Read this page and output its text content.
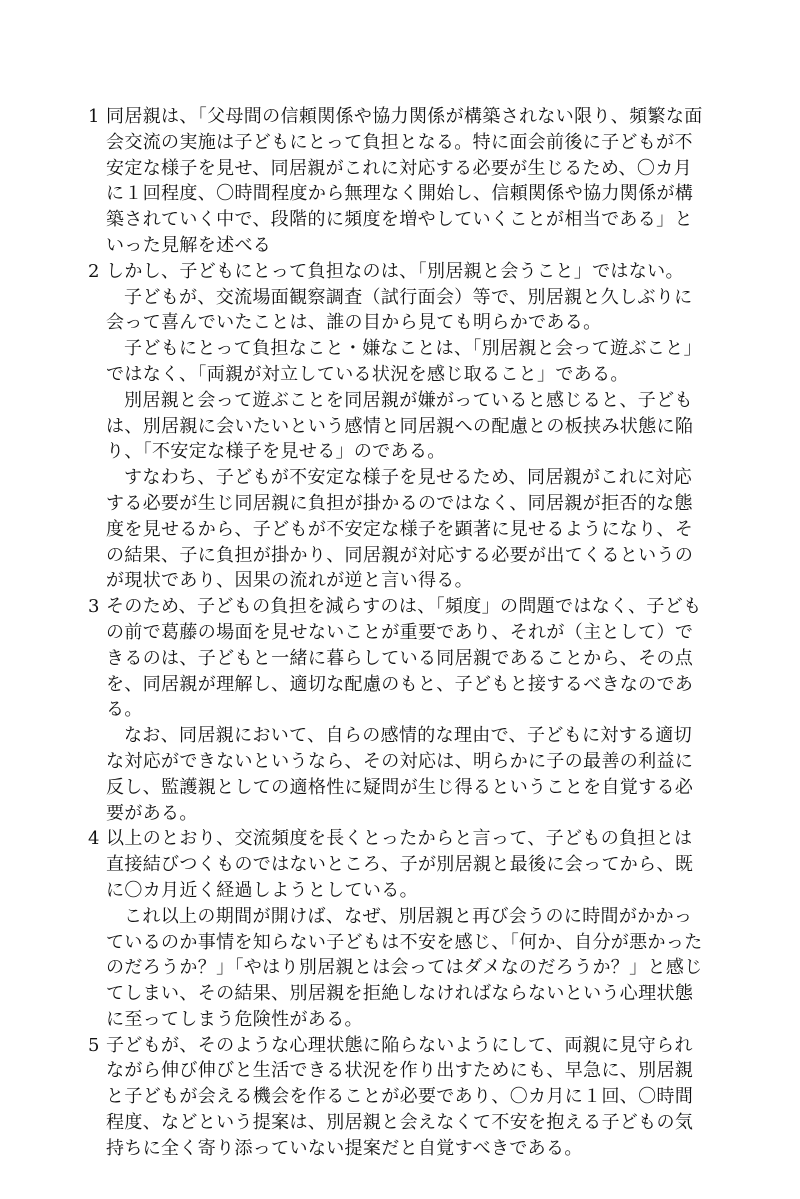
1 同居親は、「父母間の信頼関係や協力関係が構築されない限り、頻繁な面会交流の実施は子どもにとって負担となる。特に面会前後に子どもが不安定な様子を見せ、同居親がこれに対応する必要が生じるため、〇カ月に１回程度、〇時間程度から無理なく開始し、信頼関係や協力関係が構築されていく中で、段階的に頻度を増やしていくことが相当である」といった見解を述べる

2 しかし、子どもにとって負担なのは、「別居親と会うこと」ではない。

子どもが、交流場面観察調査（試行面会）等で、別居親と久しぶりに会って喜んでいたことは、誰の目から見ても明らかである。

子どもにとって負担なこと・嫌なことは、「別居親と会って遊ぶこと」ではなく、「両親が対立している状況を感じ取ること」である。

別居親と会って遊ぶことを同居親が嫌がっていると感じると、子どもは、別居親に会いたいという感情と同居親への配慮との板挟み状態に陥り、「不安定な様子を見せる」のである。

すなわち、子どもが不安定な様子を見せるため、同居親がこれに対応する必要が生じ同居親に負担が掛かるのではなく、同居親が拒否的な態度を見せるから、子どもが不安定な様子を顕著に見せるようになり、その結果、子に負担が掛かり、同居親が対応する必要が出てくるというのが現状であり、因果の流れが逆と言い得る。

3 そのため、子どもの負担を減らすのは、「頻度」の問題ではなく、子どもの前で葛藤の場面を見せないことが重要であり、それが（主として）できるのは、子どもと一緒に暮らしている同居親であることから、その点を、同居親が理解し、適切な配慮のもと、子どもと接するべきなのである。

なお、同居親において、自らの感情的な理由で、子どもに対する適切な対応ができないというなら、その対応は、明らかに子の最善の利益に反し、監護親としての適格性に疑問が生じ得るということを自覚する必要がある。

4 以上のとおり、交流頻度を長くとったからと言って、子どもの負担とは直接結びつくものではないところ、子が別居親と最後に会ってから、既に〇カ月近く経過しようとしている。

これ以上の期間が開けば、なぜ、別居親と再び会うのに時間がかかっているのか事情を知らない子どもは不安を感じ、「何か、自分が悪かったのだろうか？」「やはり別居親とは会ってはダメなのだろうか？」と感じてしまい、その結果、別居親を拒絶しなければならないという心理状態に至ってしまう危険性がある。

5 子どもが、そのような心理状態に陥らないようにして、両親に見守られながら伸び伸びと生活できる状況を作り出すためにも、早急に、別居親と子どもが会える機会を作ることが必要であり、〇カ月に１回、〇時間程度、などという提案は、別居親と会えなくて不安を抱える子どもの気持ちに全く寄り添っていない提案だと自覚すべきである。
